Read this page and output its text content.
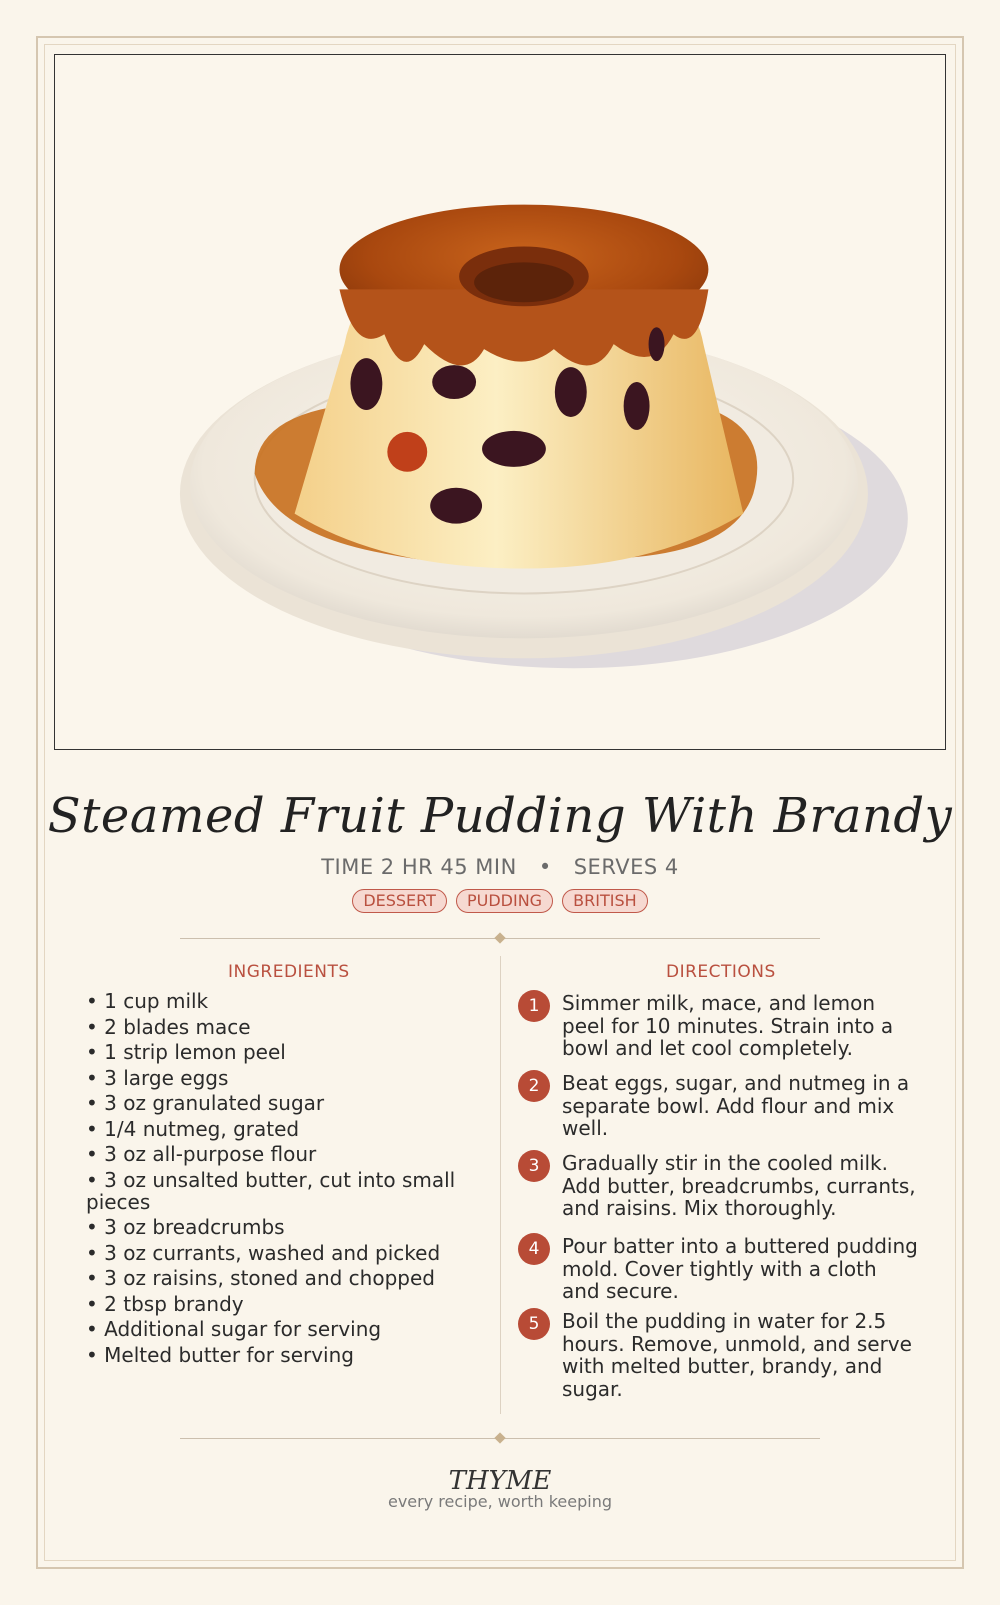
Steamed Fruit Pudding With Brandy
TIME 2 HR 45 MIN • SERVES 4
DESSERT PUDDING BRITISH
INGREDIENTS
• 1 cup milk
• 2 blades mace
• 1 strip lemon peel
• 3 large eggs
• 3 oz granulated sugar
• 1/4 nutmeg, grated
• 3 oz all-purpose flour
• 3 oz unsalted butter, cut into small pieces
• 3 oz breadcrumbs
• 3 oz currants, washed and picked
• 3 oz raisins, stoned and chopped
• 2 tbsp brandy
• Additional sugar for serving
• Melted butter for serving
DIRECTIONS
1	Simmer milk, mace, and lemon peel for 10 minutes. Strain into a bowl and let cool completely.
2	Beat eggs, sugar, and nutmeg in a separate bowl. Add flour and mix well.
3	Gradually stir in the cooled milk. Add butter, breadcrumbs, currants, and raisins. Mix thoroughly.
4	Pour batter into a buttered pudding mold. Cover tightly with a cloth and secure.
5	Boil the pudding in water for 2.5 hours. Remove, unmold, and serve with melted butter, brandy, and sugar.
THYME
every recipe, worth keeping
